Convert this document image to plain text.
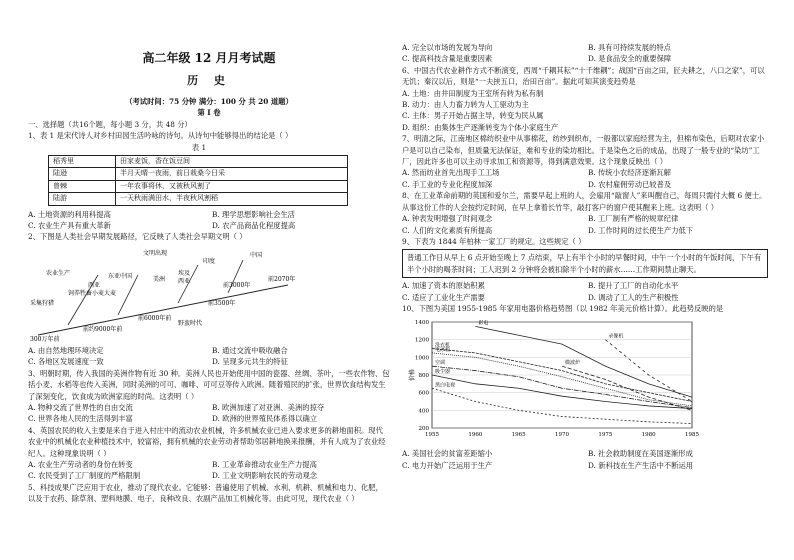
高二年级 12 月月考试题
历 史
（考试时间：75 分钟 满分：100 分 共 20 道题）
第 I 卷
一、选择题（共16个题，每小题 3 分，共 48 分）

1、表 1 是宋代诗人对乡村田园生活吟咏的诗句。从诗句中能够得出的结论是（ ）

表 1
稻秀里	田家麦饭，香在饭豆间
陆逊	半月天晴一夜雨，前日栽桑今日采
曾棘	一年农事将休，又被秋风割了
陆游	一天秋雨满田水，半夜秋风割稻
A. 土地资源的利用科提高	B. 理学思想影响社会生活
C. 农业生产具有重大革新	D. 农产品商品化程度提高

2、下图是人类社会早期发展路径，它反映了人类社会早期文明（ ）

文明出现
印度
中国
埃及
西亚
农业生产
西亚
东亚中国	美洲
前3500年
前2070年
前3000年
前6000年前
前约9000年前
野蛮时代
采集狩猎
300万年前
饲养牲畜小麦大麦
A. 由自然地理环境决定	B. 通过交流中吸收融合
C. 各地区发展速度一致	D. 呈现多元共生的特征

3、明朝时期，传入我国的美洲作物有近 30 种。美洲人民也开始使用中国的瓷器、丝绸、茶叶，一些农作物、包括小麦、水稻等也传入美洲，同时美洲的可可、咖啡、可可豆等传入欧洲。随着殖民的扩张，世界饮食结构发生了深刻变化，饮食成为欧洲家庭的时尚。这表明（ ）

A. 物种交流了世界性的自由交流	B. 欧洲加速了对亚洲、美洲的掠夺
C. 世界各地人民的生活得到丰富	D. 欧洲的世界殖民体系得以确立

4、英国农民的收入主要是来自于进入村庄中的流动农业机械，许多机械农业已进入要求更多的耕地面积。现代农业中的机械化农业种植技术中，较富裕，拥有机械的农业劳动者帮助邻居耕地换来报酬，并有人成为了农业经纪人。这种现象说明（ ）

A. 农业生产劳动者的身份在转变	B. 工业革命推动农业生产力提高
C. 农民受到了工厂制度的严格限制	D. 工业文明影响农民的劳动观念

5、科技成果广泛应用于农业，推动了现代农业。它能够：普遍使用了机械、水利、机耕、机械和电力、化肥，以及于农药、除草剂、塑料地膜、电子、良种改良、农副产品加工机械化等。由此可见，现代农业（ ）

A. 完全以市场的发展为导向	B. 具有可持续发展的特点
C. 提高科技含量是重要因素	D. 是食品安全的重要保障

6、中国古代农业耕作方式不断演变，西周“千耦其耘”“十千维耦”；战国“百亩之田，匠夫耕之，八口之家”，可以无饥；秦汉以后，则是“一夫挟五口，治田百亩”。据此可知其演变趋势是

A. 土地：由井田制度为王室所有转为私有制
B. 动力：由人力畜力转为人工驱动为主
C. 主体：男子开始占据主导，转变为民从属
D. 组织：由集体生产逐渐转变为个体小家庭生产

7、明清之际，江南地区棉纺织业中从事棉花，纺纱到织布，一般都以家庭经营为主，但棉布染色，后期对农家小户是可以自己染布，但质量无法保证，难和专业的染坊相比。于是染色之后的成品，出现了一般专业的“染坊”工厂，因此许多也可以主动寻求加工和资源等，得到满意效果。这个现象反映出（ ）

A. 然而纺业首先出现手工工场	B. 传统小农经济逐渐瓦解
C. 手工业的专业化程度加深	D. 农村雇佣劳动已较普及

8、在工业革命前期的英国和爱尔兰，需要早起上班的人，会雇用“敲窗人”来叫醒自己，每周只需付大概 6 便士。从事这份工作的人会按约定时间，在早上拿着长竹竿，敲打客户的窗户使其醒来上班。这表明（ ）

A. 钟表发明增强了时间观念	B. 工厂制有严格的规章纪律
C. 人们的文化素质有所提高	D. 工作时间的过长使生产力低下

9、下表为 1844 年柏林一家工厂的规定。这些规定（ ）

普通工作日从早上 6 点开始至晚上 7 点结束，早上有半个小时的早餐时间，中午一个小时的午饭时间，下午有半个小时的喝茶时间；工人迟到 2 分钟将会被扣除半个小时的薪水……工作期间禁止聊天。
A. 加速了资本的原始积累	B. 提升了工厂的自动化水平
C. 适应了工业化生产需要	D. 调动了工人的生产积极性

10、下图为美国 1955-1985 年家用电器价格趋势图（以 1982 年美元价格计算）。此趋势反映的是

200
400
600
800
1000
1200
1400
1955	1960	1965	1970	1975	1980	1985
价格
彩电
洗衣机
电冰箱
微波炉
吸尘器
黑白电视
空调
录像机
A. 美国社会的贫富差距缩小	B. 社会救助制度在美国逐渐形成
C. 电力开始广泛运用于生产	D. 新科技在生产生活中不断运用
